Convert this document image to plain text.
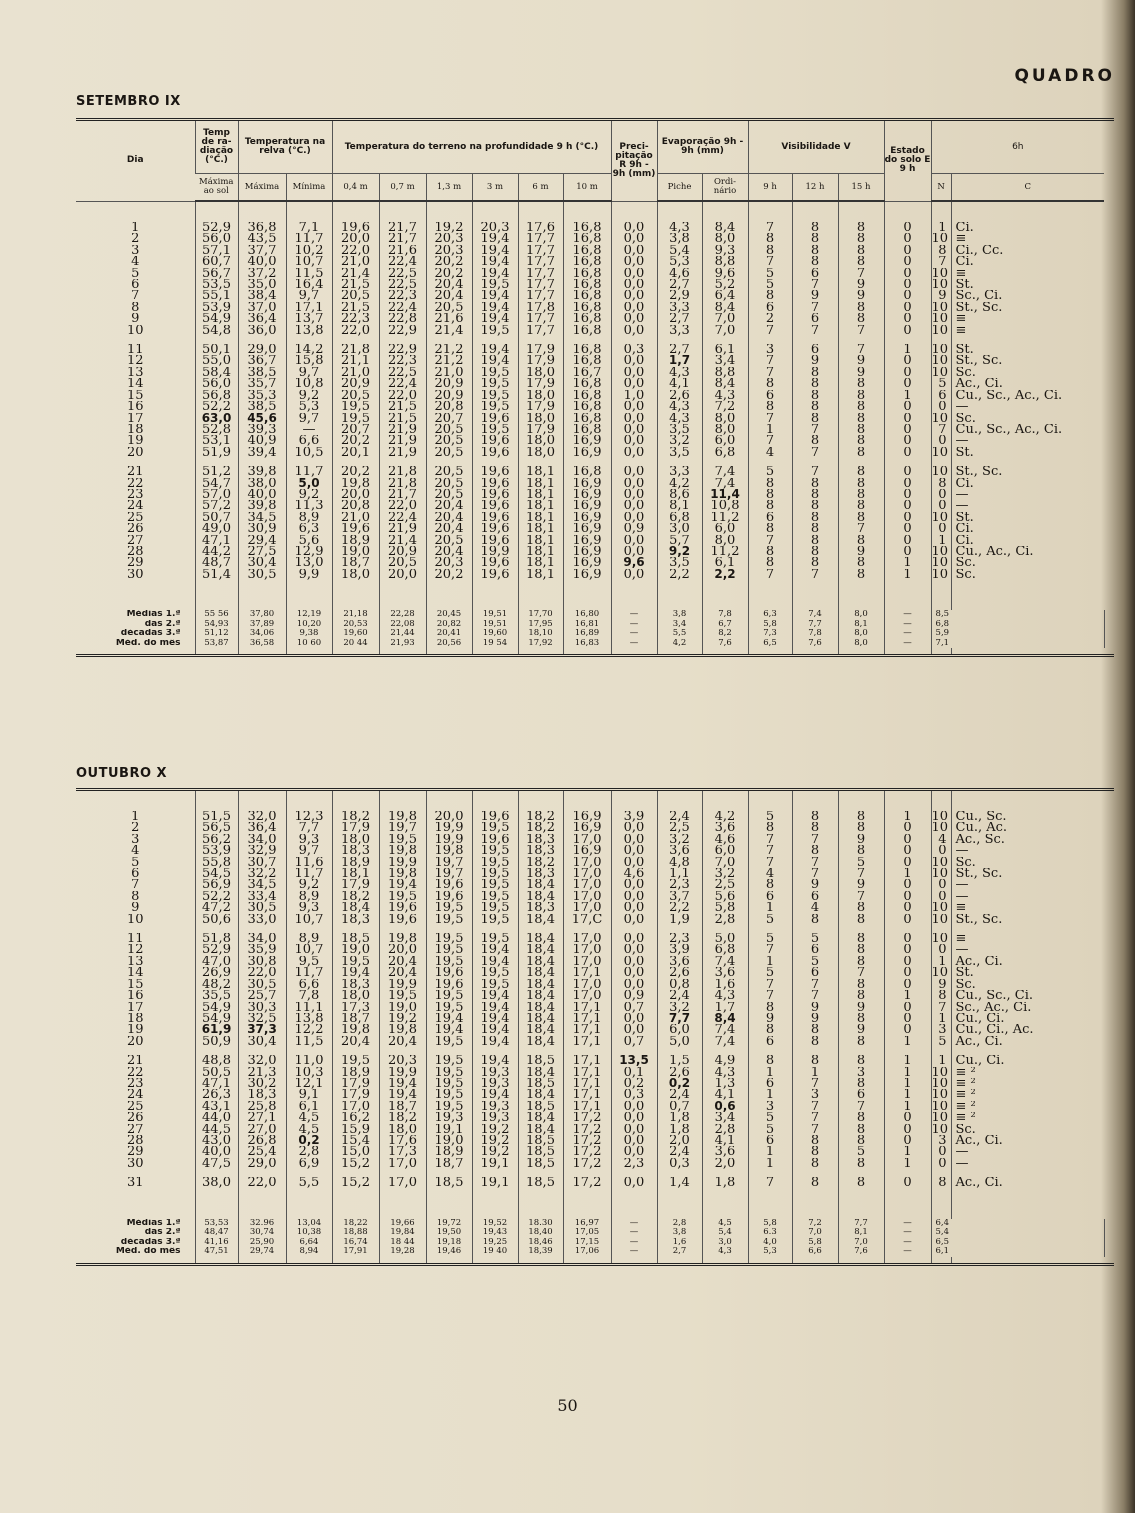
QUADRO
SETEMBRO IX
Dia	Temp de ra- diação (°C.)	Temperatura na relva (°C.)		Temperatura do terreno na profundidade 9 h (°C.)						Preci- pitação R 9h - 9h (mm)	Evaporação 9h - 9h (mm)		Visibilidade V			Estado do solo E 9 h	6h		
	Máxima ao sol	Máxima	Mínima	0,4 m	0,7 m	1,3 m	3 m	6 m	10 m		Piche	Ordi- nário	9 h	12 h	15 h		N	C	

1	52,9	36,8	7,1	19,6	21,7	19,2	20,3	17,6	16,8	0,0	4,3	8,4	7	8	8	0	1	Ci.	
2	56,0	43,5	11,7	20,0	21,7	20,3	19,4	17,7	16,8	0,0	3,8	8,0	8	8	8	0	10	≡	
3	57,1	37,7	10,2	22,0	21,6	20,3	19,4	17,7	16,8	0,0	5,4	9,3	8	8	8	0	8	Ci., Cc.	
4	60,7	40,0	10,7	21,0	22,4	20,2	19,4	17,7	16,8	0,0	5,3	8,8	7	8	8	0	7	Ci.	
5	56,7	37,2	11,5	21,4	22,5	20,2	19,4	17,7	16,8	0,0	4,6	9,6	5	6	7	0	10	≡	
6	53,5	35,0	16,4	21,5	22,5	20,4	19,5	17,7	16,8	0,0	2,7	5,2	5	7	9	0	10	St.	
7	55,1	38,4	9,7	20,5	22,3	20,4	19,4	17,7	16,8	0,0	2,9	6,4	8	9	9	0	9	Sc., Ci.	
8	53,9	37,0	17,1	21,5	22,4	20,5	19,4	17,8	16,8	0,0	3,3	8,4	6	7	8	0	10	St., Sc.	
9	54,9	36,4	13,7	22,3	22,8	21,6	19,4	17,7	16,8	0,0	2,7	7,0	2	6	8	0	10	≡	
10	54,8	36,0	13,8	22,0	22,9	21,4	19,5	17,7	16,8	0,0	3,3	7,0	7	7	7	0	10	≡	

11	50,1	29,0	14,2	21,8	22,9	21,2	19,4	17,9	16,8	0,3	2,7	6,1	3	6	7	1	10	St.	
12	55,0	36,7	15,8	21,1	22,3	21,2	19,4	17,9	16,8	0,0	1,7	3,4	7	9	9	0	10	St., Sc.	
13	58,4	38,5	9,7	21,0	22,5	21,0	19,5	18,0	16,7	0,0	4,3	8,8	7	8	9	0	10	Sc.	
14	56,0	35,7	10,8	20,9	22,4	20,9	19,5	17,9	16,8	0,0	4,1	8,4	8	8	8	0	5	Ac., Ci.	
15	56,8	35,3	9,2	20,5	22,0	20,9	19,5	18,0	16,8	1,0	2,6	4,3	6	8	8	1	6	Cu., Sc., Ac., Ci.	
16	52,2	38,5	5,3	19,5	21,5	20,8	19,5	17,9	16,8	0,0	4,3	7,2	8	8	8	0	0	—	
17	63,0	45,6	9,7	19,5	21,5	20,7	19,6	18,0	16,8	0,0	4,3	8,0	7	8	8	0	10	Sc.	
18	52,8	39,3	—	20,7	21,9	20,5	19,5	17,9	16,8	0,0	3,5	8,0	1	7	8	0	7	Cu., Sc., Ac., Ci.	
19	53,1	40,9	6,6	20,2	21,9	20,5	19,6	18,0	16,9	0,0	3,2	6,0	7	8	8	0	0	—	
20	51,9	39,4	10,5	20,1	21,9	20,5	19,6	18,0	16,9	0,0	3,5	6,8	4	7	8	0	10	St.	

21	51,2	39,8	11,7	20,2	21,8	20,5	19,6	18,1	16,8	0,0	3,3	7,4	5	7	8	0	10	St., Sc.	
22	54,7	38,0	5,0	19,8	21,8	20,5	19,6	18,1	16,9	0,0	4,2	7,4	8	8	8	0	8	Ci.	
23	57,0	40,0	9,2	20,0	21,7	20,5	19,6	18,1	16,9	0,0	8,6	11,4	8	8	8	0	0	—	
24	57,2	39,8	11,3	20,8	22,0	20,4	19,6	18,1	16,9	0,0	8,1	10,8	8	8	8	0	0	—	
25	50,7	34,5	8,9	21,0	22,4	20,4	19,6	18,1	16,9	0,0	6,8	11,2	6	8	8	0	10	St.	
26	49,0	30,9	6,3	19,6	21,9	20,4	19,6	18,1	16,9	0,9	3,0	6,0	8	8	7	0	0	Ci.	
27	47,1	29,4	5,6	18,9	21,4	20,5	19,6	18,1	16,9	0,0	5,7	8,0	7	8	8	0	1	Ci.	
28	44,2	27,5	12,9	19,0	20,9	20,4	19,9	18,1	16,9	0,0	9,2	11,2	8	8	9	0	10	Cu., Ac., Ci.	
29	48,7	30,4	13,0	18,7	20,5	20,3	19,6	18,1	16,9	9,6	3,5	6,1	8	8	8	1	10	Sc.	
30	51,4	30,5	9,9	18,0	20,0	20,2	19,6	18,1	16,9	0,0	2,2	2,2	7	7	8	1	10	Sc.	

Médias 1.ª	55 56	37,80	12,19	21,18	22,28	20,45	19,51	17,70	16,80	—	3,8	7,8	6,3	7,4	8,0	—	8,5		
das 2.ª	54,93	37,89	10,20	20,53	22,08	20,82	19,51	17,95	16,81	—	3,4	6,7	5,8	7,7	8,1	—	6,8		
décadas 3.ª	51,12	34,06	9,38	19,60	21,44	20,41	19,60	18,10	16,89	—	5,5	8,2	7,3	7,8	8,0	—	5,9		
Méd. do mês	53,87	36,58	10 60	20 44	21,93	20,56	19 54	17,92	16,83	—	4,2	7,6	6,5	7,6	8,0	—	7,1		

OUTUBRO X

1	51,5	32,0	12,3	18,2	19,8	20,0	19,6	18,2	16,9	3,9	2,4	4,2	5	8	8	1	10	Cu., Sc.	
2	56,5	36,4	7,7	17,9	19,7	19,9	19,5	18,2	16,9	0,0	2,5	3,6	8	8	8	0	10	Cu., Ac.	
3	56,2	34,0	9,3	18,0	19,5	19,9	19,6	18,3	17,0	0,0	3,2	4,6	7	7	9	0	4	Ac., Sc.	
4	53,9	32,9	9,7	18,3	19,8	19,8	19,5	18,3	16,9	0,0	3,6	6,0	7	8	8	0	0	—	
5	55,8	30,7	11,6	18,9	19,9	19,7	19,5	18,2	17,0	0,0	4,8	7,0	7	7	5	0	10	Sc.	
6	54,5	32,2	11,7	18,1	19,8	19,7	19,5	18,3	17,0	4,6	1,1	3,2	4	7	7	1	10	St., Sc.	
7	56,9	34,5	9,2	17,9	19,4	19,6	19,5	18,4	17,0	0,0	2,3	2,5	8	9	9	0	0	—	
8	52,2	33,4	8,9	18,2	19,5	19,6	19,5	18,4	17,0	0,0	3,7	5,6	6	6	7	0	0	—	
9	47,2	30,5	9,3	18,4	19,6	19,5	19,5	18,3	17,0	0,0	2,2	5,8	1	4	8	0	10	≡	
10	50,6	33,0	10,7	18,3	19,6	19,5	19,5	18,4	17,C	0,0	1,9	2,8	5	8	8	0	10	St., Sc.	

11	51,8	34,0	8,9	18,5	19,8	19,5	19,5	18,4	17,0	0,0	2,3	5,0	5	5	8	0	10	≡	
12	52,9	35,9	10,7	19,0	20,0	19,5	19,4	18,4	17,0	0,0	3,9	6,8	7	6	8	0	0	—	
13	47,0	30,8	9,5	19,5	20,4	19,5	19,4	18,4	17,0	0,0	3,6	7,4	1	5	8	0	1	Ac., Ci.	
14	26,9	22,0	11,7	19,4	20,4	19,6	19,5	18,4	17,1	0,0	2,6	3,6	5	6	7	0	10	St.	
15	48,2	30,5	6,6	18,3	19,9	19,6	19,5	18,4	17,0	0,0	0,8	1,6	7	7	8	0	9	Sc.	
16	35,5	25,7	7,8	18,0	19,5	19,5	19,4	18,4	17,0	0,9	2,4	4,3	7	7	8	1	8	Cu., Sc., Ci.	
17	54,9	30,3	11,1	17,3	19,0	19,5	19,4	18,4	17,1	0,7	3,2	1,7	8	9	9	0	7	Sc., Ac., Ci.	
18	54,9	32,5	13,8	18,7	19,2	19,4	19,4	18,4	17,1	0,0	7,7	8,4	9	9	8	0	1	Cu., Ci.	
19	61,9	37,3	12,2	19,8	19,8	19,4	19,4	18,4	17,1	0,0	6,0	7,4	8	8	9	0	3	Cu., Ci., Ac.	
20	50,9	30,4	11,5	20,4	20,4	19,5	19,4	18,4	17,1	0,7	5,0	7,4	6	8	8	1	5	Ac., Ci.	

21	48,8	32,0	11,0	19,5	20,3	19,5	19,4	18,5	17,1	13,5	1,5	4,9	8	8	8	1	1	Cu., Ci.	
22	50,5	21,3	10,3	18,9	19,9	19,5	19,3	18,4	17,1	0,1	2,6	4,3	1	1	3	1	10	≡ ²	
23	47,1	30,2	12,1	17,9	19,4	19,5	19,3	18,5	17,1	0,2	0,2	1,3	6	7	8	1	10	≡ ²	
24	26,3	18,3	9,1	17,9	19,4	19,5	19,4	18,4	17,1	0,3	2,4	4,1	1	3	6	1	10	≡ ²	
25	43,1	25,8	6,1	17,0	18,7	19,5	19,3	18,5	17,1	0,0	0,7	0,6	3	7	7	1	10	≡ ²	
26	44,0	27,1	4,5	16,2	18,2	19,3	19,3	18,4	17,2	0,0	1,8	3,4	5	7	8	0	10	≡ ²	
27	44,5	27,0	4,5	15,9	18,0	19,1	19,2	18,4	17,2	0,0	1,8	2,8	5	7	8	0	10	Sc.	
28	43,0	26,8	0,2	15,4	17,6	19,0	19,2	18,5	17,2	0,0	2,0	4,1	6	8	8	0	3	Ac., Ci.	
29	40,0	25,4	2,8	15,0	17,3	18,9	19,2	18,5	17,2	0,0	2,4	3,6	1	8	5	1	0	—	
30	47,5	29,0	6,9	15,2	17,0	18,7	19,1	18,5	17,2	2,3	0,3	2,0	1	8	8	1	0	—	

31	38,0	22,0	5,5	15,2	17,0	18,5	19,1	18,5	17,2	0,0	1,4	1,8	7	8	8	0	8	Ac., Ci.	

Médias 1.ª	53,53	32.96	13,04	18,22	19,66	19,72	19,52	18.30	16,97	—	2,8	4,5	5,8	7,2	7,7	—	6,4		
das 2.ª	48,47	30,74	10,38	18,88	19,84	19,50	19,43	18,40	17,05	—	3,8	5,4	6.3	7,0	8,1	—	5,4		
décadas 3.ª	41,16	25,90	6,64	16,74	18 44	19,18	19,25	18,46	17,15	—	1,6	3,0	4,0	5,8	7,0	—	6,5		
Méd. do mês	47,51	29,74	8,94	17,91	19,28	19,46	19 40	18,39	17,06	—	2,7	4,3	5,3	6,6	7,6	—	6,1		

50
